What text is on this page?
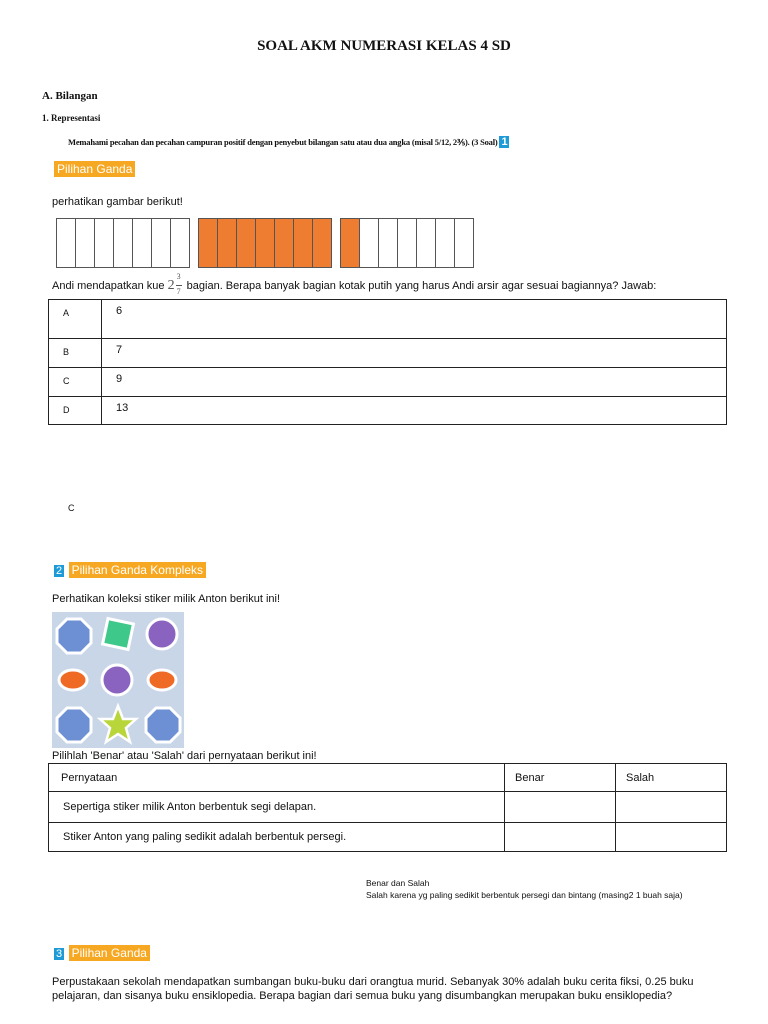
SOAL AKM NUMERASI KELAS 4 SD
A. Bilangan
1. Representasi
Memahami pecahan dan pecahan campuran positif dengan penyebut bilangan satu atau dua angka (misal 5/12, 2⅗). (3 Soal) 1
Pilihan Ganda
perhatikan gambar berikut!
Andi mendapatkan kue 2
3
7 bagian. Berapa banyak bagian kotak putih yang harus Andi arsir agar sesuai bagiannya? Jawab:
A	6
B	7
C	9
D	13
C
2 Pilihan Ganda Kompleks
Perhatikan koleksi stiker milik Anton berikut ini!
Pilihlah 'Benar' atau 'Salah' dari pernyataan berikut ini!
Pernyataan	Benar	Salah
Sepertiga stiker milik Anton berbentuk segi delapan.		
Stiker Anton yang paling sedikit adalah berbentuk persegi.		
Benar dan Salah
Salah karena yg paling sedikit berbentuk persegi dan bintang (masing2 1 buah saja)
3 Pilihan Ganda
Perpustakaan sekolah mendapatkan sumbangan buku-buku dari orangtua murid. Sebanyak 30% adalah buku cerita fiksi, 0.25 buku pelajaran, dan sisanya buku ensiklopedia. Berapa bagian dari semua buku yang disumbangkan merupakan buku ensiklopedia?
